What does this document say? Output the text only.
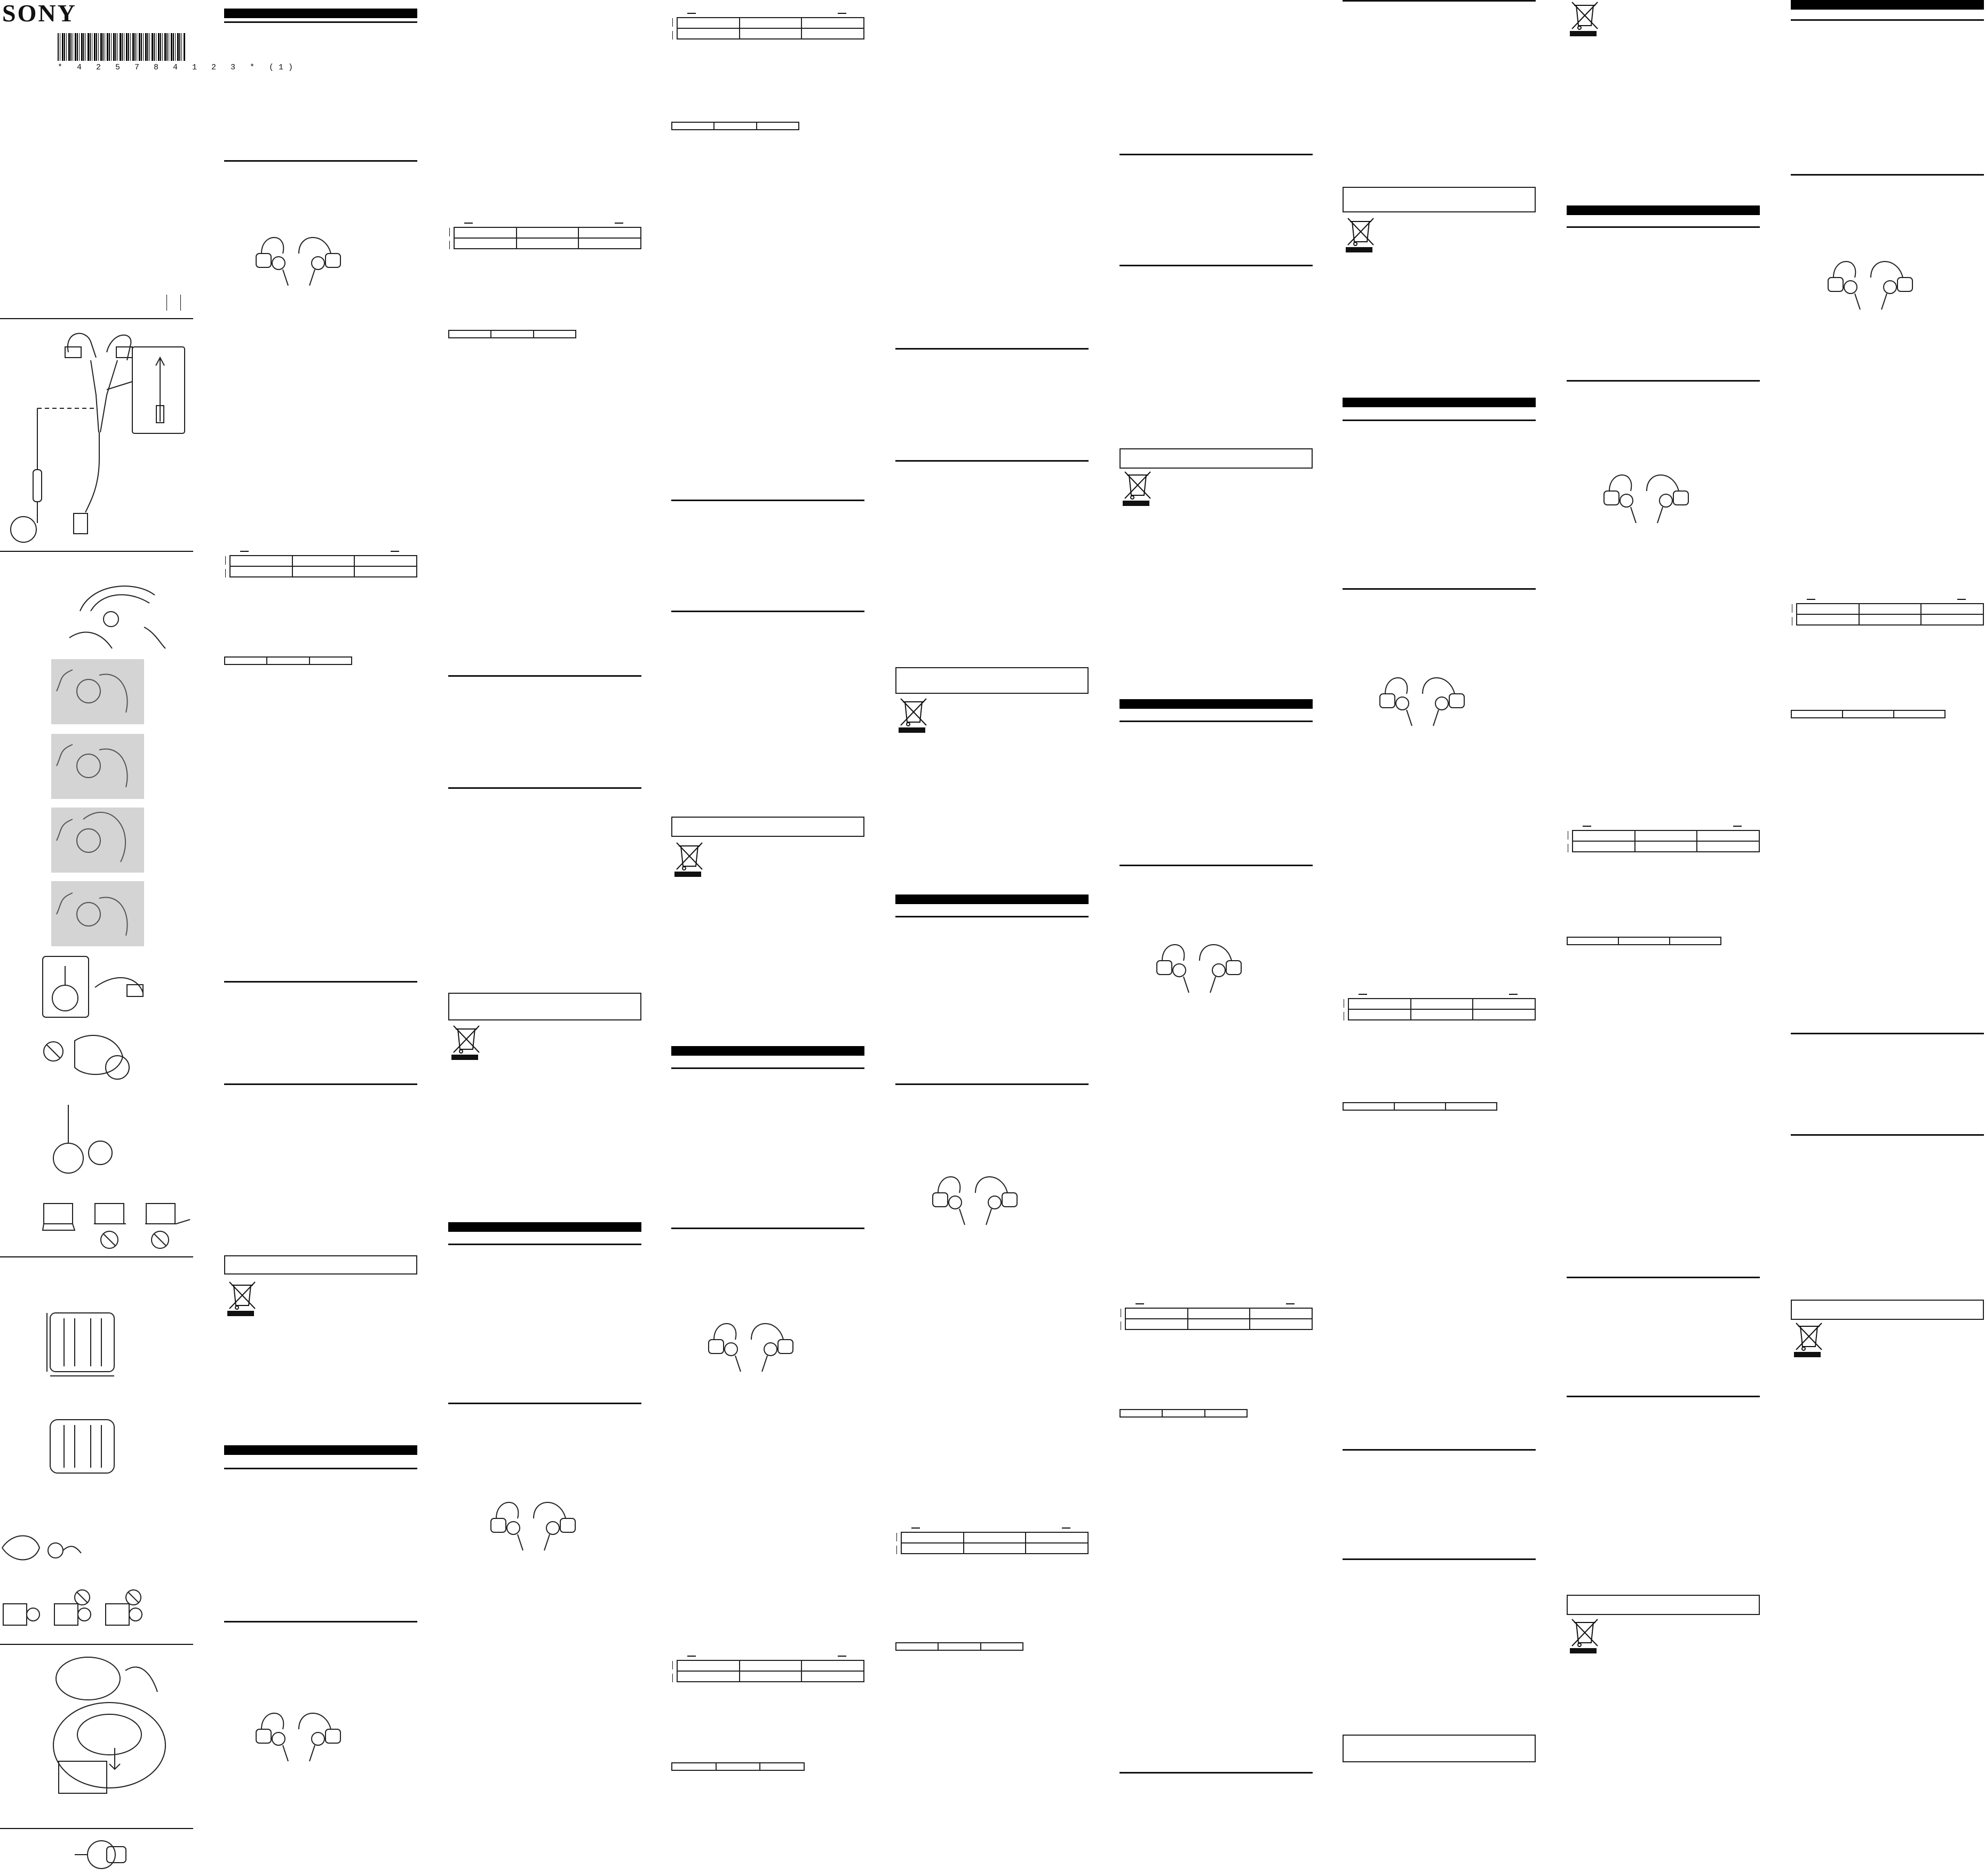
SONY
* 4 2 5 7 8 4 1 2 3 * (1)
